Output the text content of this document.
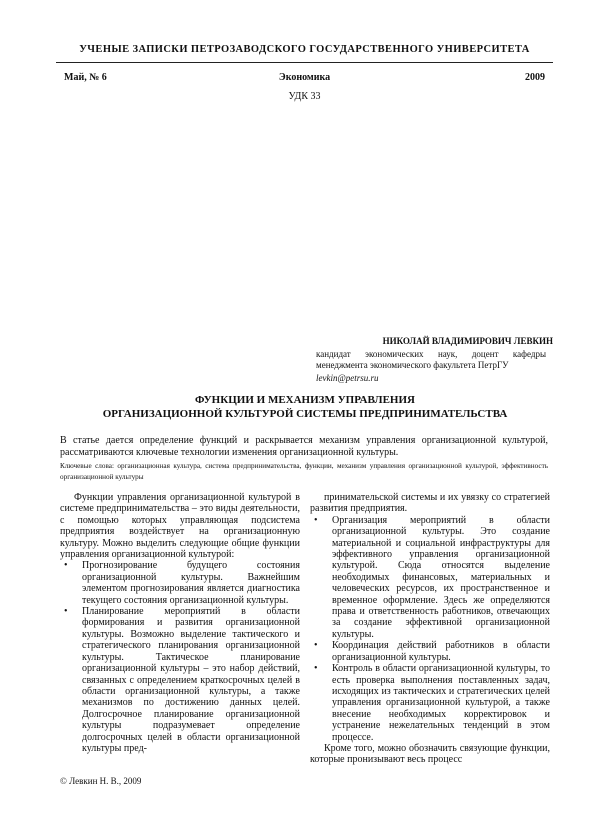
УЧЕНЫЕ ЗАПИСКИ ПЕТРОЗАВОДСКОГО ГОСУДАРСТВЕННОГО УНИВЕРСИТЕТА
Май, № 6	Экономика	2009
УДК 33
НИКОЛАЙ ВЛАДИМИРОВИЧ ЛЕВКИН
кандидат экономических наук, доцент кафедры менеджмента экономического факультета ПетрГУ
levkin@petrsu.ru
ФУНКЦИИ И МЕХАНИЗМ УПРАВЛЕНИЯ
ОРГАНИЗАЦИОННОЙ КУЛЬТУРОЙ СИСТЕМЫ ПРЕДПРИНИМАТЕЛЬСТВА
В статье дается определение функций и раскрывается механизм управления организационной культурой, рассматриваются ключевые технологии изменения организационной культуры.
Ключевые слова: организационная культура, система предпринимательства, функции, механизм управления организационной культурой, эффективность организационной культуры

Функции управления организационной культурой в системе предпринимательства – это виды деятельности, с помощью которых управляющая подсистема предприятия воздействует на организационную культуру. Можно выделить следующие общие функции управления организационной культурой:

• Прогнозирование будущего состояния организационной культуры. Важнейшим элементом прогнозирования является диагностика текущего состояния организационной культуры.
• Планирование мероприятий в области формирования и развития организационной культуры. Возможно выделение тактического и стратегического планирования организационной культуры. Тактическое планирование организационной культуры – это набор действий, связанных с определением краткосрочных целей в области организационной культуры, а также механизмов по достижению данных целей. Долгосрочное планирование организационной культуры подразумевает определение долгосрочных целей в области организационной культуры пред-

принимательской системы и их увязку со стратегией развития предприятия.

• Организация мероприятий в области организационной культуры. Это создание материальной и социальной инфраструктуры для эффективного управления организационной культурой. Сюда относятся выделение необходимых финансовых, материальных и человеческих ресурсов, их пространственное и временное оформление. Здесь же определяются права и ответственность работников, отвечающих за создание эффективной организационной культуры.
• Координация действий работников в области организационной культуры.
• Контроль в области организационной культуры, то есть проверка выполнения поставленных задач, исходящих из тактических и стратегических целей управления организационной культурой, а также внесение необходимых корректировок и устранение нежелательных тенденций в этом процессе.

Кроме того, можно обозначить связующие функции, которые пронизывают весь процесс

© Левкин Н. В., 2009
